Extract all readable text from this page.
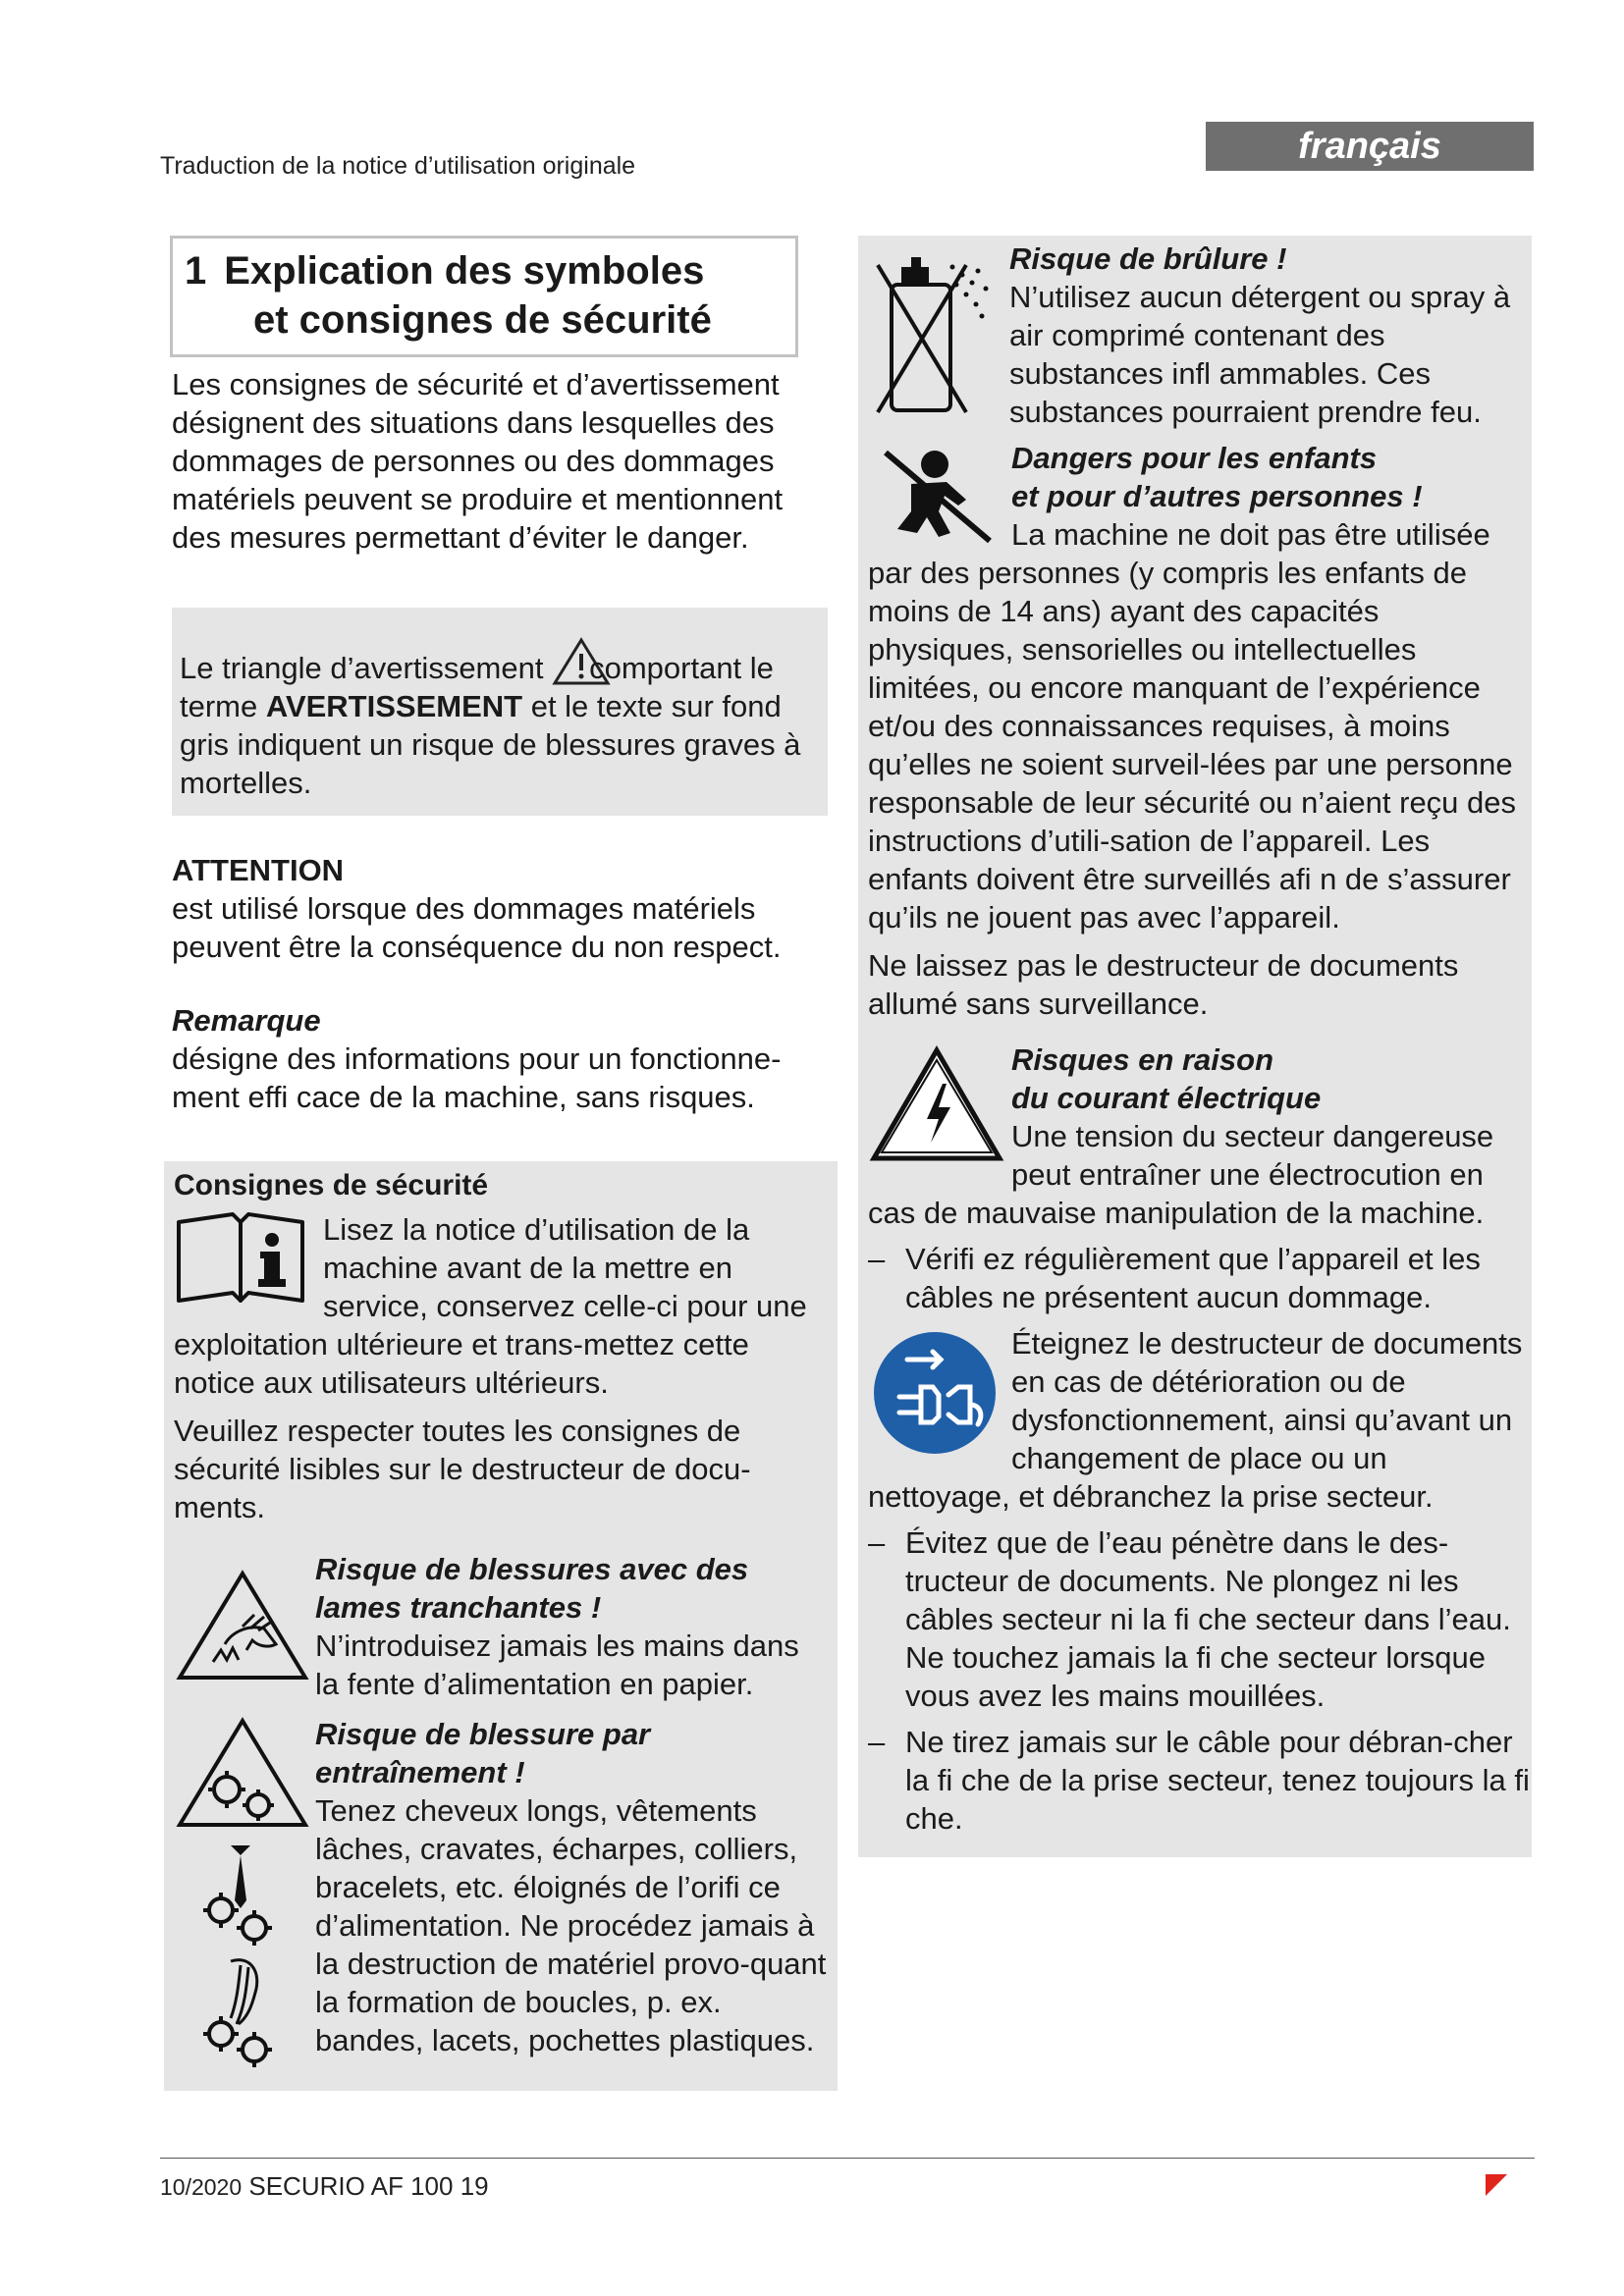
Traduction de la notice d’utilisation originale	français
1 Explication des symboles
et consignes de sécurité

Les consignes de sécurité et d’avertissement désignent des situations dans lesquelles des dommages de personnes ou des dommages matériels peuvent se produire et mentionnent des mesures permettant d’éviter le danger.

Le triangle d’avertissement comportant le terme AVERTISSEMENT et le texte sur fond gris indiquent un risque de blessures graves à mortelles.

ATTENTION

est utilisé lorsque des dommages matériels peuvent être la conséquence du non respect.

Remarque

désigne des informations pour un fonctionne-ment effi cace de la machine, sans risques.

Consignes de sécurité

Lisez la notice d’utilisation de la machine avant de la mettre en service, conservez celle-ci pour une exploitation ultérieure et trans-mettez cette notice aux utilisateurs ultérieurs.

Veuillez respecter toutes les consignes de sécurité lisibles sur le destructeur de docu-ments.

Risque de blessures avec des lames tranchantes !

N’introduisez jamais les mains dans la fente d’alimentation en papier.

Risque de blessure par entraînement !

Tenez cheveux longs, vêtements lâches, cravates, écharpes, colliers, bracelets, etc. éloignés de l’orifi ce d’alimentation. Ne procédez jamais à la destruction de matériel provo-quant la formation de boucles, p. ex. bandes, lacets, pochettes plastiques.

Risque de brûlure !

N’utilisez aucun détergent ou spray à air comprimé contenant des substances infl ammables. Ces substances pourraient prendre feu.

Dangers pour les enfants

et pour d’autres personnes !

La machine ne doit pas être utilisée par des personnes (y compris les enfants de moins de 14 ans) ayant des capacités physiques, sensorielles ou intellectuelles limitées, ou encore manquant de l’expérience et/ou des connaissances requises, à moins qu’elles ne soient surveil-lées par une personne responsable de leur sécurité ou n’aient reçu des instructions d’utili-sation de l’appareil. Les enfants doivent être surveillés afi n de s’assurer qu’ils ne jouent pas avec l’appareil.

Ne laissez pas le destructeur de documents allumé sans surveillance.

Risques en raison

du courant électrique

Une tension du secteur dangereuse peut entraîner une électrocution en cas de mauvaise manipulation de la machine.

– Vérifi ez régulièrement que l’appareil et les câbles ne présentent aucun dommage.

Éteignez le destructeur de documents en cas de détérioration ou de dysfonctionnement, ainsi qu’avant un changement de place ou un nettoyage, et débranchez la prise secteur.

– Évitez que de l’eau pénètre dans le des-tructeur de documents. Ne plongez ni les câbles secteur ni la fi che secteur dans l’eau. Ne touchez jamais la fi che secteur lorsque vous avez les mains mouillées.
– Ne tirez jamais sur le câble pour débran-cher la fi che de la prise secteur, tenez toujours la fi che.
10/2020 SECURIO AF 100 19
